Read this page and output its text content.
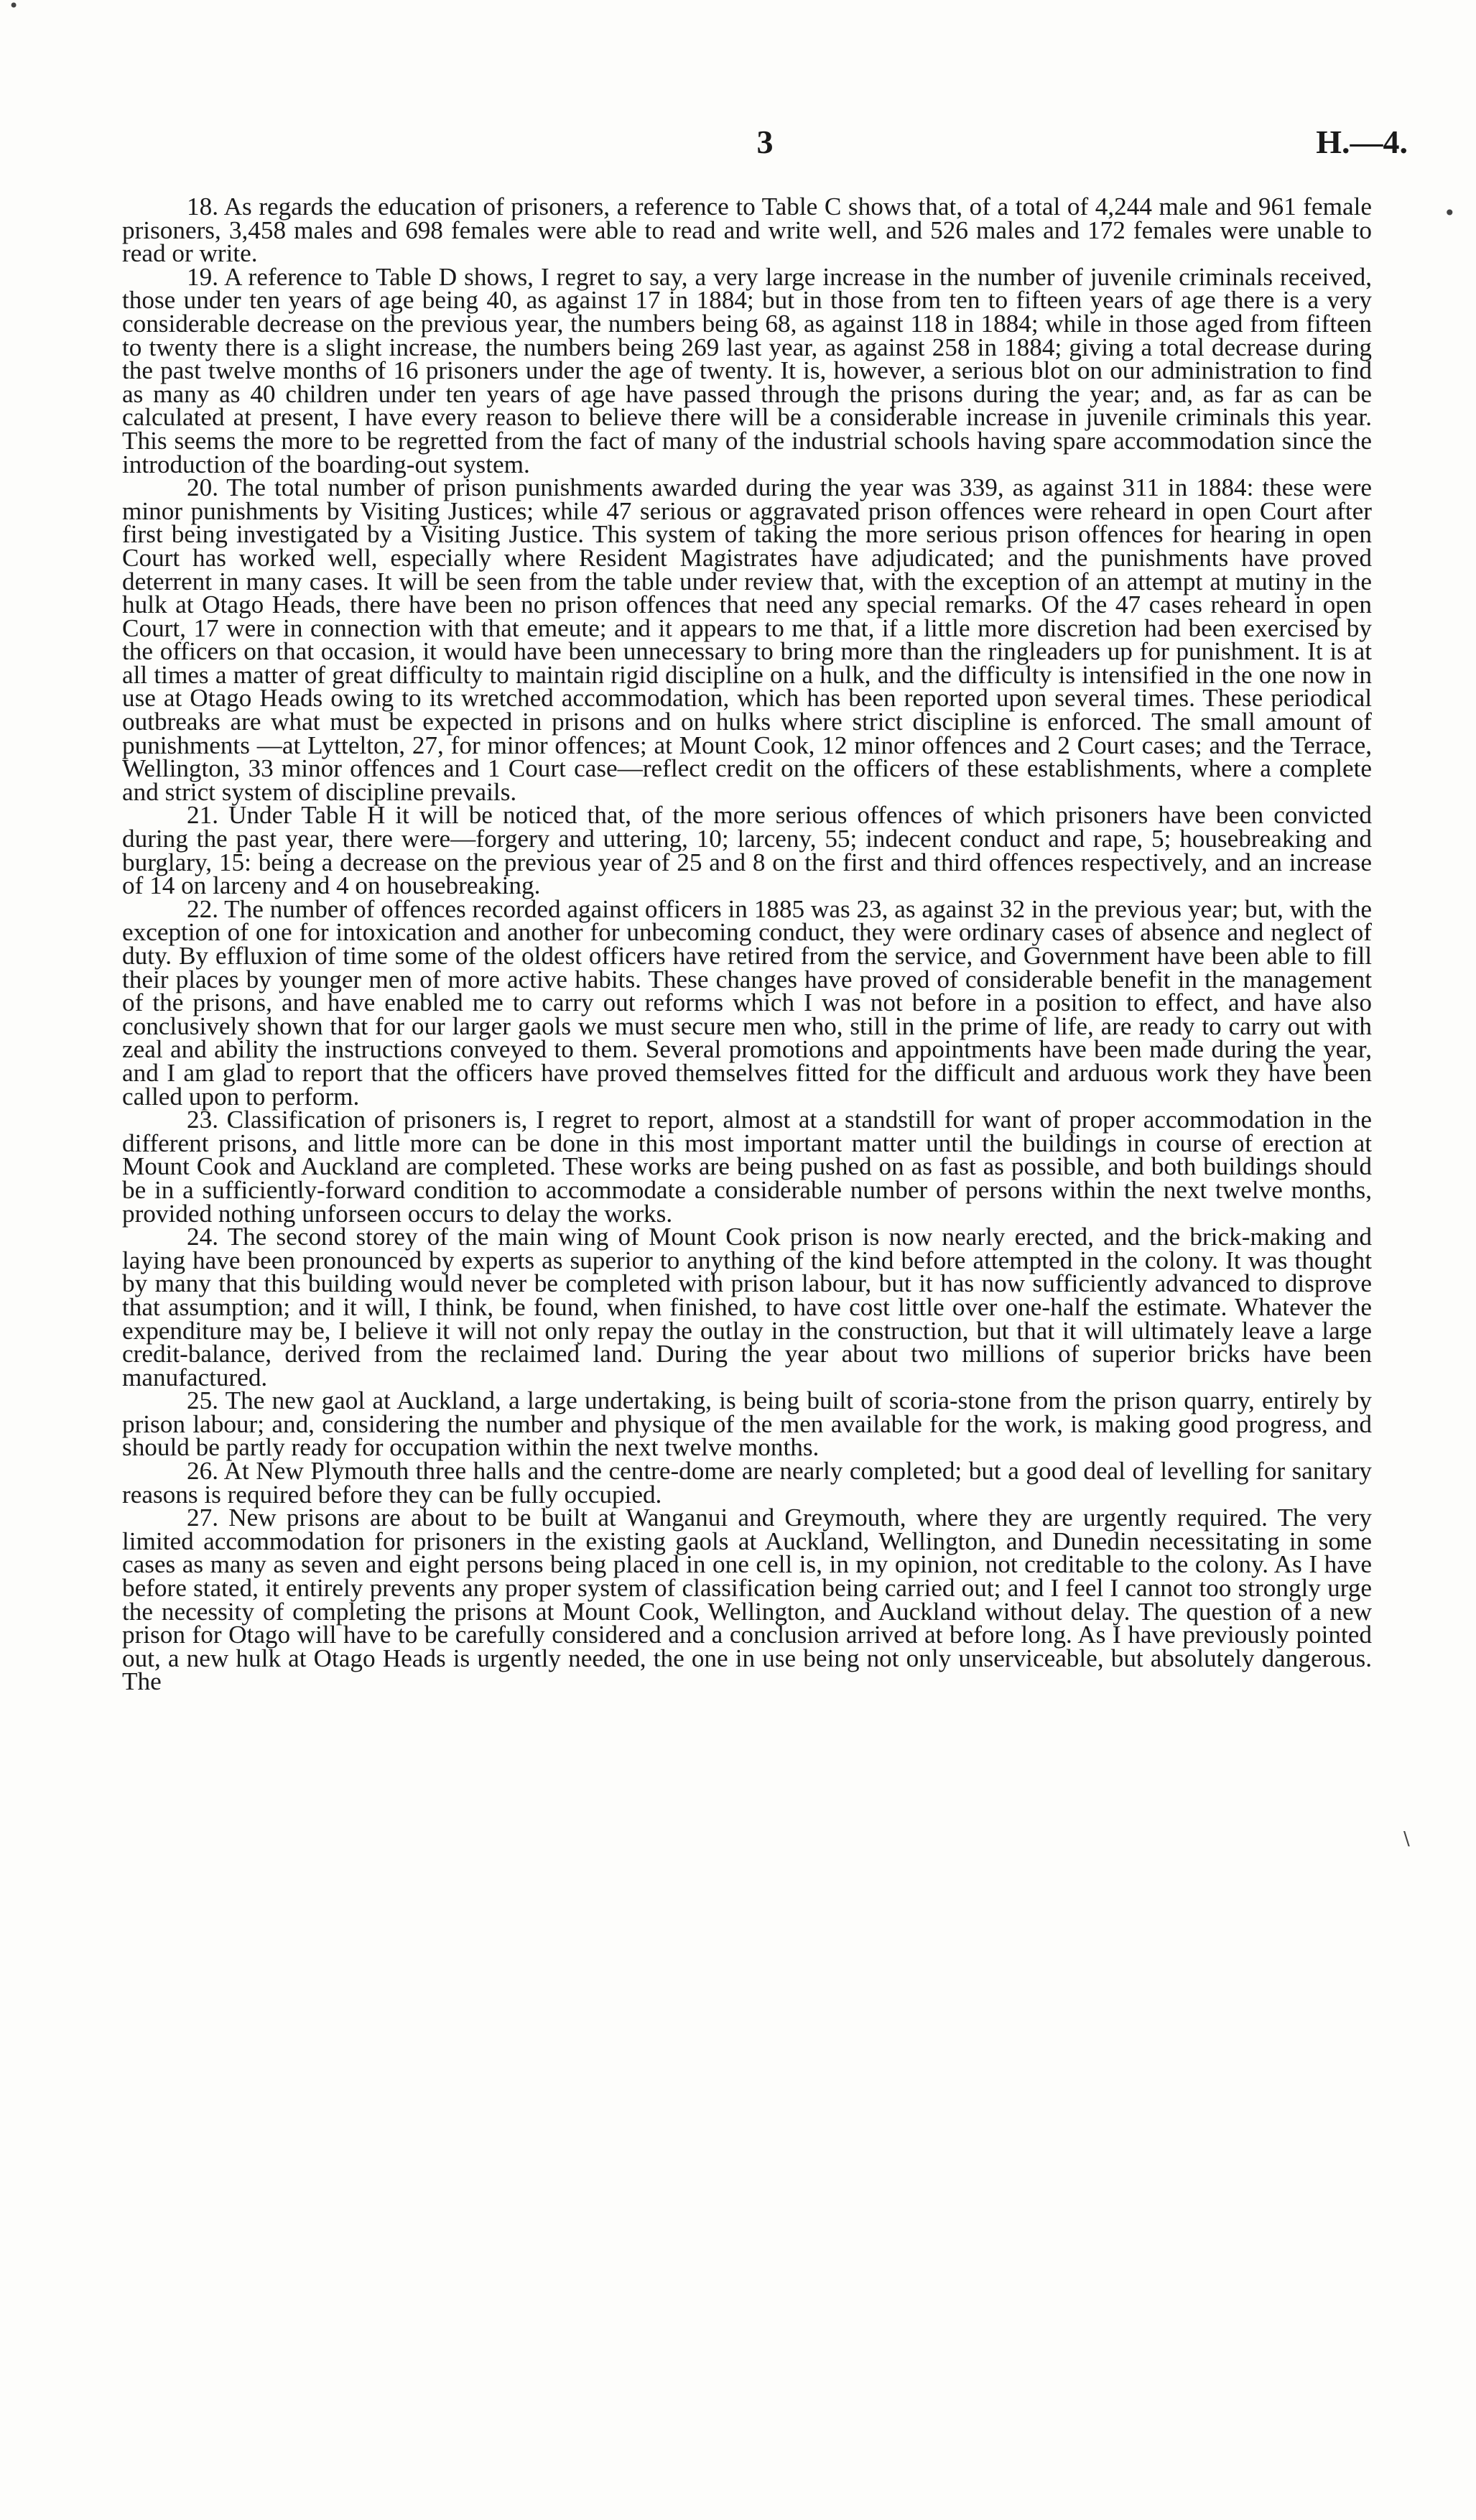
•
•
\
3	H.—4.

18. As regards the education of prisoners, a reference to Table C shows that, of a total of 4,244 male and 961 female prisoners, 3,458 males and 698 females were able to read and write well, and 526 males and 172 females were unable to read or write.

19. A reference to Table D shows, I regret to say, a very large increase in the number of juvenile criminals received, those under ten years of age being 40, as against 17 in 1884; but in those from ten to fifteen years of age there is a very considerable decrease on the previous year, the numbers being 68, as against 118 in 1884; while in those aged from fifteen to twenty there is a slight increase, the numbers being 269 last year, as against 258 in 1884; giving a total decrease during the past twelve months of 16 prisoners under the age of twenty. It is, however, a serious blot on our administration to find as many as 40 children under ten years of age have passed through the prisons during the year; and, as far as can be calculated at present, I have every reason to believe there will be a considerable increase in juvenile criminals this year. This seems the more to be regretted from the fact of many of the industrial schools having spare accommodation since the introduction of the boarding-out system.

20. The total number of prison punishments awarded during the year was 339, as against 311 in 1884: these were minor punishments by Visiting Justices; while 47 serious or aggravated prison offences were reheard in open Court after first being investigated by a Visiting Justice. This system of taking the more serious prison offences for hearing in open Court has worked well, especially where Resident Magistrates have adjudicated; and the punishments have proved deterrent in many cases. It will be seen from the table under review that, with the exception of an attempt at mutiny in the hulk at Otago Heads, there have been no prison offences that need any special remarks. Of the 47 cases reheard in open Court, 17 were in connection with that emeute; and it appears to me that, if a little more discretion had been exercised by the officers on that occasion, it would have been unnecessary to bring more than the ringleaders up for punishment. It is at all times a matter of great difficulty to maintain rigid discipline on a hulk, and the difficulty is intensified in the one now in use at Otago Heads owing to its wretched accommodation, which has been reported upon several times. These periodical outbreaks are what must be expected in prisons and on hulks where strict discipline is enforced. The small amount of punishments —at Lyttelton, 27, for minor offences; at Mount Cook, 12 minor offences and 2 Court cases; and the Terrace, Wellington, 33 minor offences and 1 Court case—reflect credit on the officers of these establishments, where a complete and strict system of discipline prevails.

21. Under Table H it will be noticed that, of the more serious offences of which prisoners have been convicted during the past year, there were—forgery and uttering, 10; larceny, 55; indecent conduct and rape, 5; housebreaking and burglary, 15: being a decrease on the previous year of 25 and 8 on the first and third offences respectively, and an increase of 14 on larceny and 4 on housebreaking.

22. The number of offences recorded against officers in 1885 was 23, as against 32 in the previous year; but, with the exception of one for intoxication and another for unbecoming conduct, they were ordinary cases of absence and neglect of duty. By effluxion of time some of the oldest officers have retired from the service, and Government have been able to fill their places by younger men of more active habits. These changes have proved of considerable benefit in the management of the prisons, and have enabled me to carry out reforms which I was not before in a position to effect, and have also conclusively shown that for our larger gaols we must secure men who, still in the prime of life, are ready to carry out with zeal and ability the instructions conveyed to them. Several promotions and appointments have been made during the year, and I am glad to report that the officers have proved themselves fitted for the difficult and arduous work they have been called upon to perform.

23. Classification of prisoners is, I regret to report, almost at a standstill for want of proper accommodation in the different prisons, and little more can be done in this most important matter until the buildings in course of erection at Mount Cook and Auckland are completed. These works are being pushed on as fast as possible, and both buildings should be in a sufficiently-forward condition to accommodate a considerable number of persons within the next twelve months, provided nothing unforseen occurs to delay the works.

24. The second storey of the main wing of Mount Cook prison is now nearly erected, and the brick-making and laying have been pronounced by experts as superior to anything of the kind before attempted in the colony. It was thought by many that this building would never be completed with prison labour, but it has now sufficiently advanced to disprove that assumption; and it will, I think, be found, when finished, to have cost little over one-half the estimate. Whatever the expenditure may be, I believe it will not only repay the outlay in the construction, but that it will ultimately leave a large credit-balance, derived from the reclaimed land. During the year about two millions of superior bricks have been manufactured.

25. The new gaol at Auckland, a large undertaking, is being built of scoria-stone from the prison quarry, entirely by prison labour; and, considering the number and physique of the men available for the work, is making good progress, and should be partly ready for occupation within the next twelve months.

26. At New Plymouth three halls and the centre-dome are nearly completed; but a good deal of levelling for sanitary reasons is required before they can be fully occupied.

27. New prisons are about to be built at Wanganui and Greymouth, where they are urgently required. The very limited accommodation for prisoners in the existing gaols at Auckland, Wellington, and Dunedin necessitating in some cases as many as seven and eight persons being placed in one cell is, in my opinion, not creditable to the colony. As I have before stated, it entirely prevents any proper system of classification being carried out; and I feel I cannot too strongly urge the necessity of completing the prisons at Mount Cook, Wellington, and Auckland without delay. The question of a new prison for Otago will have to be carefully considered and a conclusion arrived at before long. As I have previously pointed out, a new hulk at Otago Heads is urgently needed, the one in use being not only unserviceable, but absolutely dangerous. The
